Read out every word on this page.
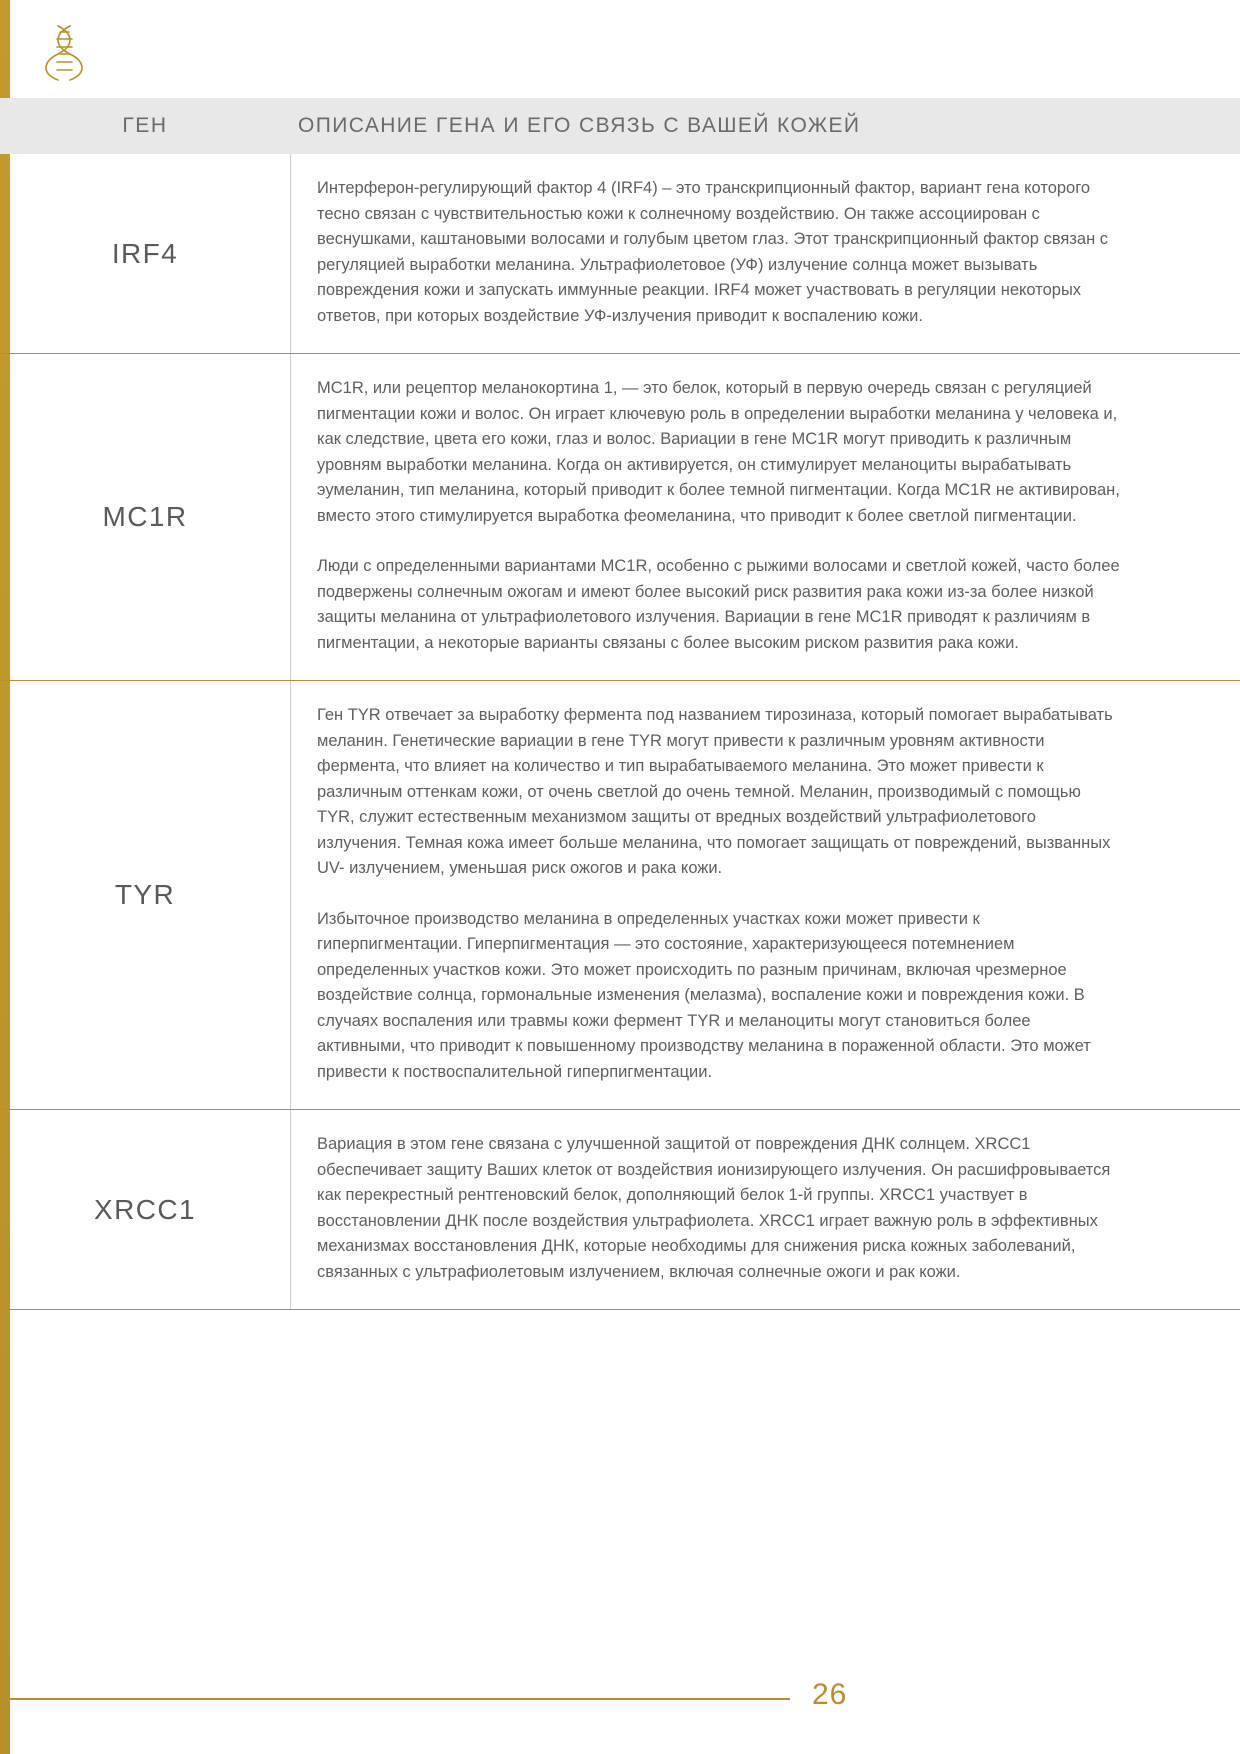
ГЕН	ОПИСАНИЕ ГЕНА И ЕГО СВЯЗЬ С ВАШЕЙ КОЖЕЙ
IRF4

Интерферон-регулирующий фактор 4 (IRF4) – это транскрипционный фактор, вариант гена которого тесно связан с чувствительностью кожи к солнечному воздействию. Он также ассоциирован с веснушками, каштановыми волосами и голубым цветом глаз. Этот транскрипционный фактор связан с регуляцией выработки меланина. Ультрафиолетовое (УФ) излучение солнца может вызывать повреждения кожи и запускать иммунные реакции. IRF4 может участвовать в регуляции некоторых ответов, при которых воздействие УФ-излучения приводит к воспалению кожи.

MC1R

MC1R, или рецептор меланокортина 1, — это белок, который в первую очередь связан с регуляцией пигментации кожи и волос. Он играет ключевую роль в определении выработки меланина у человека и, как следствие, цвета его кожи, глаз и волос. Вариации в гене MC1R могут приводить к различным уровням выработки меланина. Когда он активируется, он стимулирует меланоциты вырабатывать эумеланин, тип меланина, который приводит к более темной пигментации. Когда MC1R не активирован, вместо этого стимулируется выработка феомеланина, что приводит к более светлой пигментации.

Люди с определенными вариантами MC1R, особенно с рыжими волосами и светлой кожей, часто более подвержены солнечным ожогам и имеют более высокий риск развития рака кожи из-за более низкой защиты меланина от ультрафиолетового излучения. Вариации в гене MC1R приводят к различиям в пигментации, а некоторые варианты связаны с более высоким риском развития рака кожи.

TYR

Ген TYR отвечает за выработку фермента под названием тирозиназа, который помогает вырабатывать меланин. Генетические вариации в гене TYR могут привести к различным уровням активности фермента, что влияет на количество и тип вырабатываемого меланина. Это может привести к различным оттенкам кожи, от очень светлой до очень темной. Меланин, производимый с помощью TYR, служит естественным механизмом защиты от вредных воздействий ультрафиолетового излучения. Темная кожа имеет больше меланина, что помогает защищать от повреждений, вызванных UV- излучением, уменьшая риск ожогов и рака кожи.

Избыточное производство меланина в определенных участках кожи может привести к гиперпигментации. Гиперпигментация — это состояние, характеризующееся потемнением определенных участков кожи. Это может происходить по разным причинам, включая чрезмерное воздействие солнца, гормональные изменения (мелазма), воспаление кожи и повреждения кожи. В случаях воспаления или травмы кожи фермент TYR и меланоциты могут становиться более активными, что приводит к повышенному производству меланина в пораженной области. Это может привести к поствоспалительной гиперпигментации.

XRCC1

Вариация в этом гене связана с улучшенной защитой от повреждения ДНК солнцем. XRCC1 обеспечивает защиту Ваших клеток от воздействия ионизирующего излучения. Он расшифровывается как перекрестный рентгеновский белок, дополняющий белок 1-й группы. XRCC1 участвует в восстановлении ДНК после воздействия ультрафиолета. XRCC1 играет важную роль в эффективных механизмах восстановления ДНК, которые необходимы для снижения риска кожных заболеваний, связанных с ультрафиолетовым излучением, включая солнечные ожоги и рак кожи.

26
